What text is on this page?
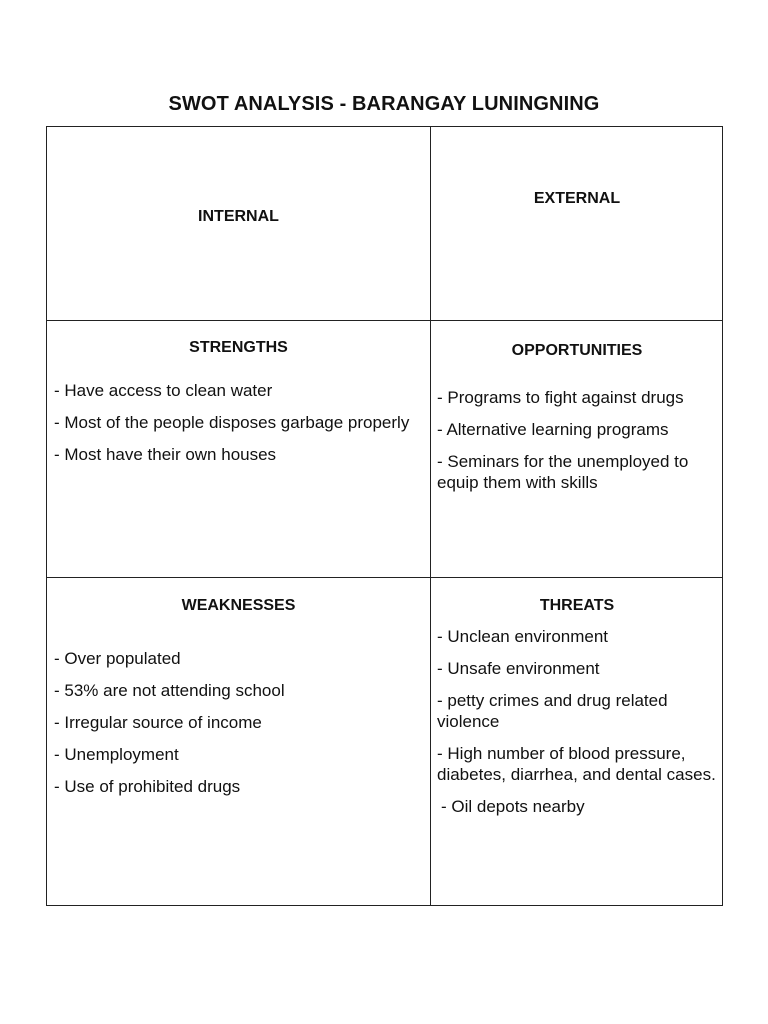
SWOT ANALYSIS - BARANGAY LUNINGNING
INTERNAL
EXTERNAL
STRENGTHS
- Have access to clean water
- Most of the people disposes garbage properly
- Most have their own houses
OPPORTUNITIES
- Programs to fight against drugs
- Alternative learning programs
- Seminars for the unemployed to equip them with skills
WEAKNESSES
- Over populated
- 53% are not attending school
- Irregular source of income
- Unemployment
- Use of prohibited drugs
THREATS
- Unclean environment
- Unsafe environment
- petty crimes and drug related violence
- High number of blood pressure, diabetes, diarrhea, and dental cases.
- Oil depots nearby
